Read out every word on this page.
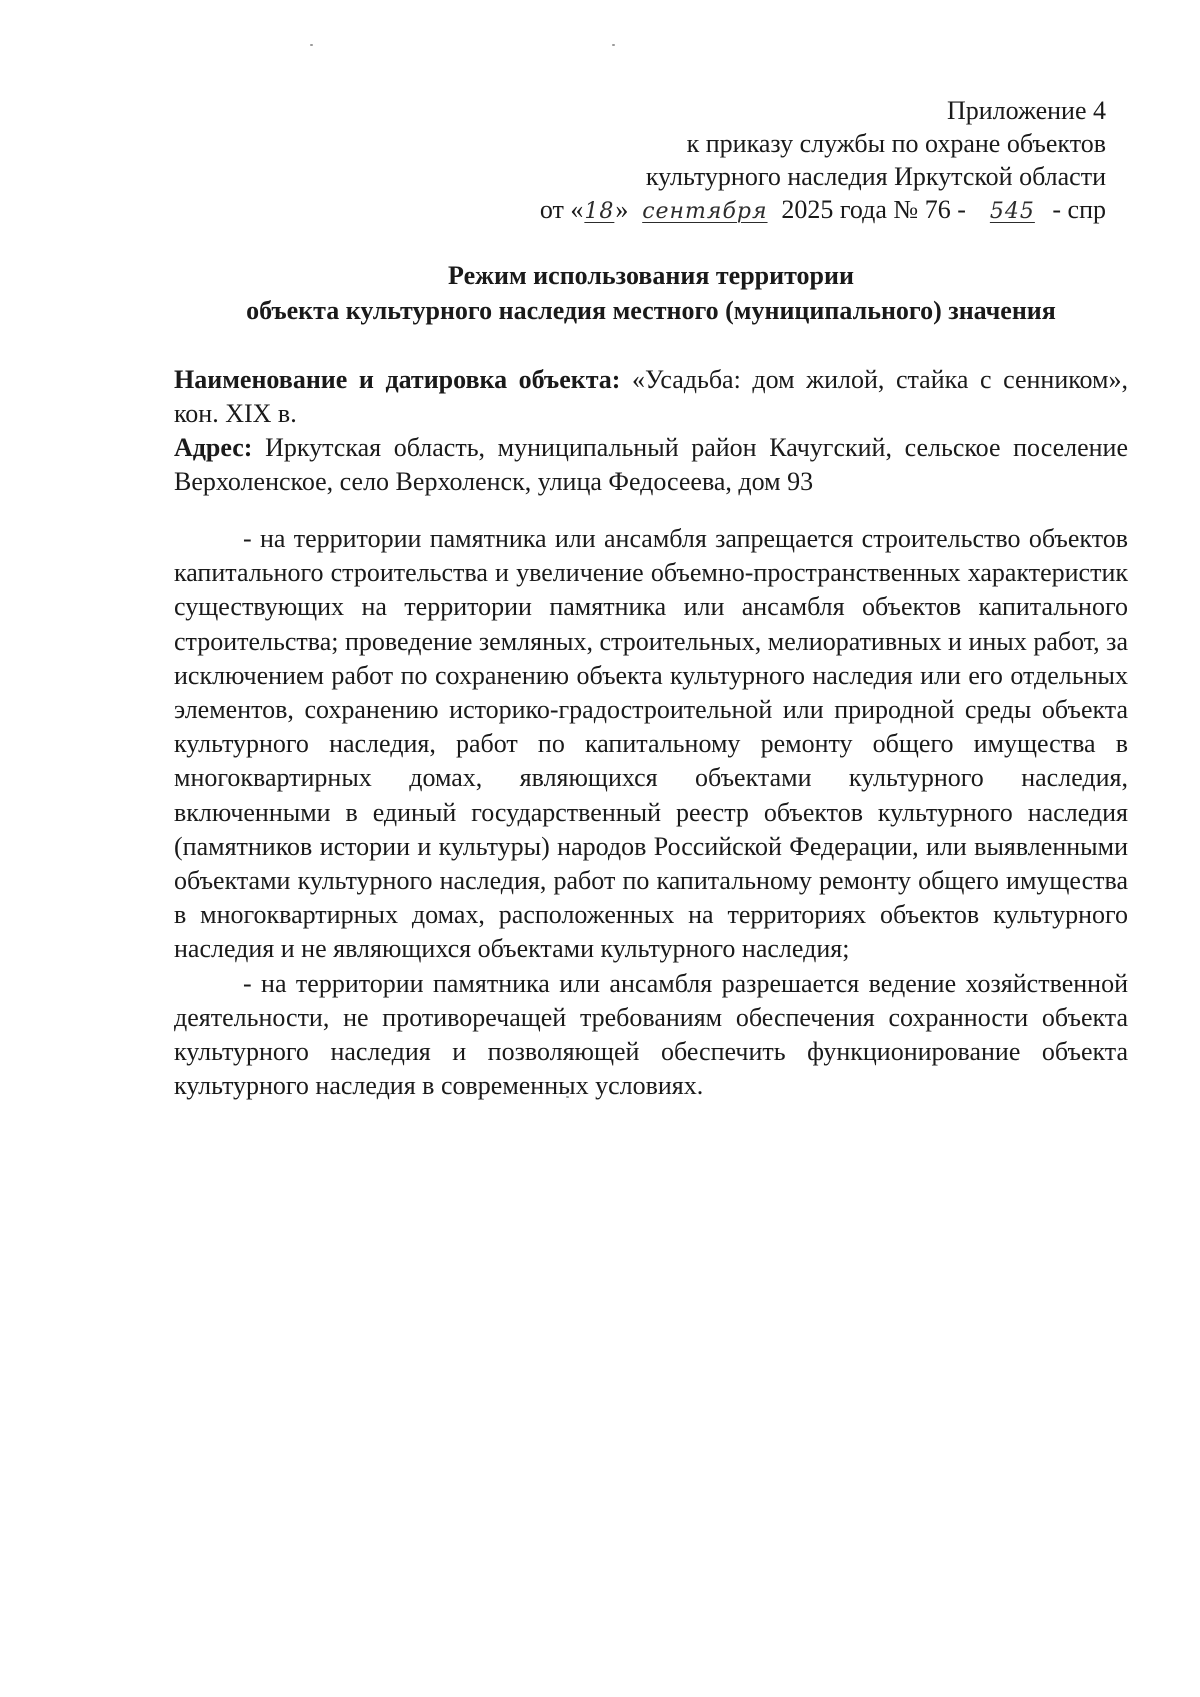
Приложение 4
к приказу службы по охране объектов
культурного наследия Иркутской области
от «18» сентября 2025 года № 76 - 545 - спр
Режим использования территории
объекта культурного наследия местного (муниципального) значения

Наименование и датировка объекта: «Усадьба: дом жилой, стайка с сенником», кон. XIX в.

Адрес: Иркутская область, муниципальный район Качугский, сельское поселение Верхоленское, село Верхоленск, улица Федосеева, дом 93

- на территории памятника или ансамбля запрещается строительство объектов капитального строительства и увеличение объемно-пространственных характеристик существующих на территории памятника или ансамбля объектов капитального строительства; проведение земляных, строительных, мелиоративных и иных работ, за исключением работ по сохранению объекта культурного наследия или его отдельных элементов, сохранению историко-градостроительной или природной среды объекта культурного наследия, работ по капитальному ремонту общего имущества в многоквартирных домах, являющихся объектами культурного наследия, включенными в единый государственный реестр объектов культурного наследия (памятников истории и культуры) народов Российской Федерации, или выявленными объектами культурного наследия, работ по капитальному ремонту общего имущества в многоквартирных домах, расположенных на территориях объектов культурного наследия и не являющихся объектами культурного наследия;

- на территории памятника или ансамбля разрешается ведение хозяйственной деятельности, не противоречащей требованиям обеспечения сохранности объекта культурного наследия и позволяющей обеспечить функционирование объекта культурного наследия в современных условиях.
